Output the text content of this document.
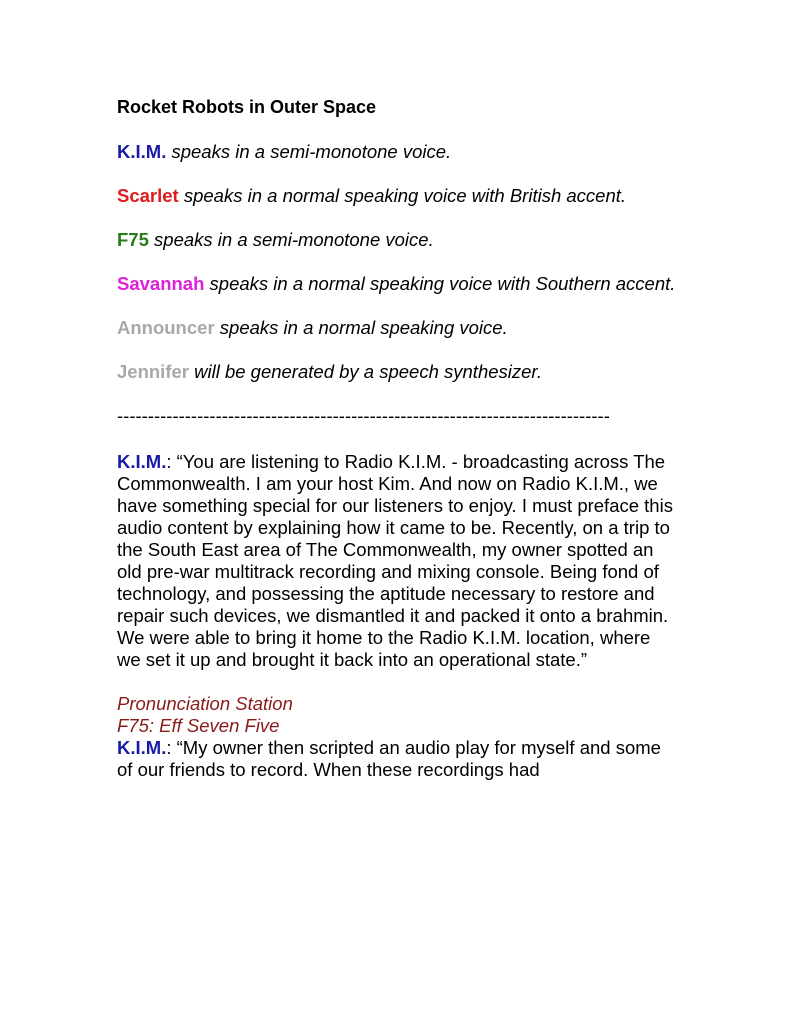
Rocket Robots in Outer Space
K.I.M. speaks in a semi-monotone voice.
Scarlet speaks in a normal speaking voice with British accent.
F75 speaks in a semi-monotone voice.
Savannah speaks in a normal speaking voice with Southern accent.
Announcer speaks in a normal speaking voice.
Jennifer will be generated by a speech synthesizer.
--------------------------------------------------------------------------------
K.I.M.: “You are listening to Radio K.I.M. - broadcasting across The Commonwealth. I am your host Kim. And now on Radio K.I.M., we have something special for our listeners to enjoy. I must preface this audio content by explaining how it came to be. Recently, on a trip to the South East area of The Commonwealth, my owner spotted an old pre-war multitrack recording and mixing console. Being fond of technology, and possessing the aptitude necessary to restore and repair such devices, we dismantled it and packed it onto a brahmin. We were able to bring it home to the Radio K.I.M. location, where we set it up and brought it back into an operational state.”
Pronunciation Station
F75: Eff Seven Five
K.I.M.: “My owner then scripted an audio play for myself and some of our friends to record. When these recordings had
